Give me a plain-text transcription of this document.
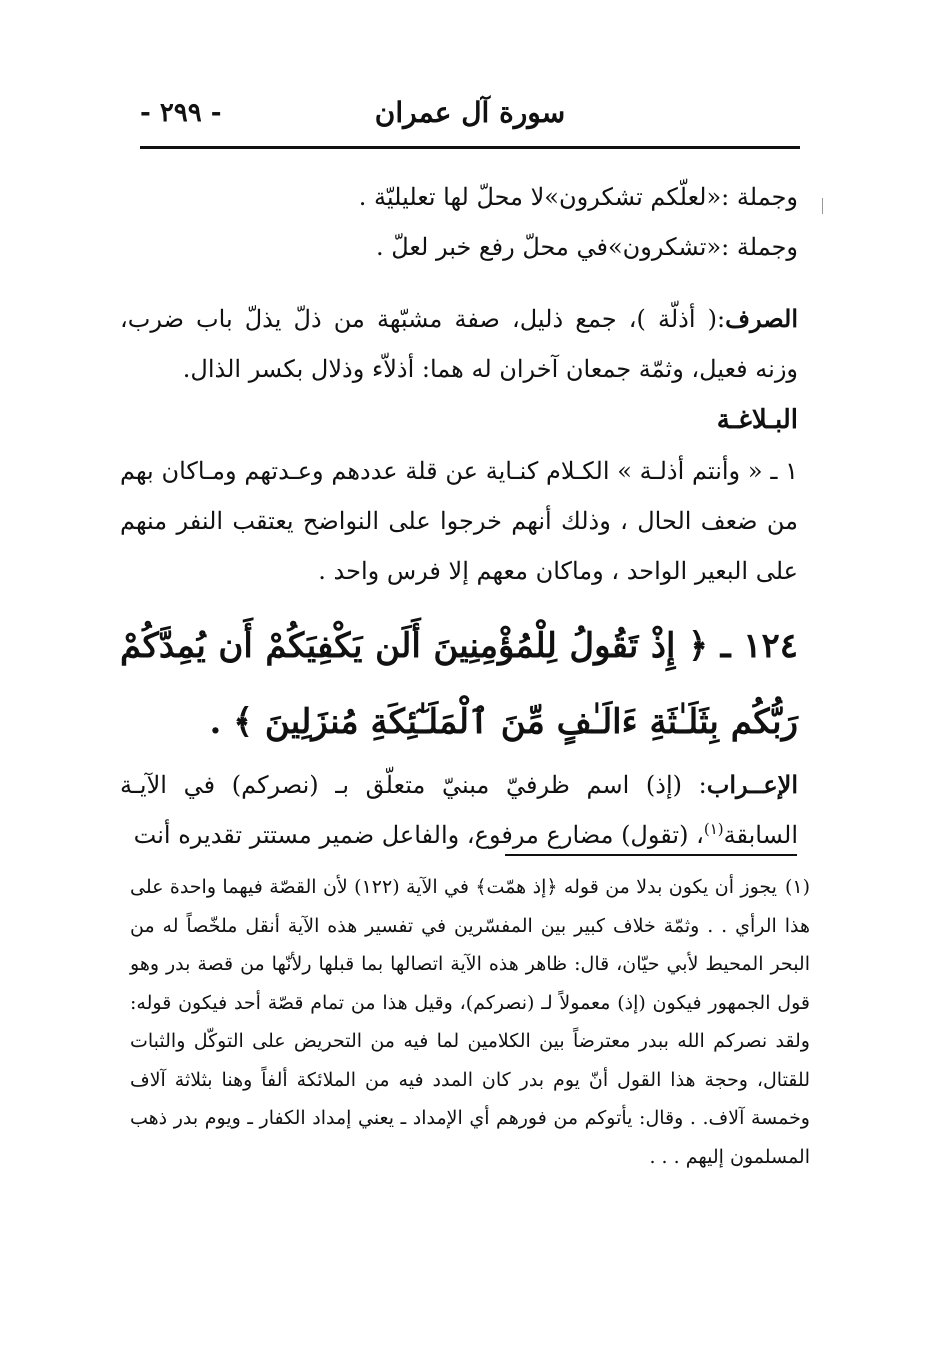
سورة آل عمران
- ٢٩٩ -

وجملة :«لعلّكم تشكرون»لا محلّ لها تعليليّة .

وجملة :«تشكرون»في محلّ رفع خبر لعلّ .

الصرف:( أذلّة )، جمع ذليل، صفة مشبّهة من ذلّ يذلّ باب ضرب، وزنه فعيل، وثمّة جمعان آخران له هما: أذلاّء وذلال بكسر الذال.

البـلاغـة

١ ـ « وأنتم أذلـة » الكـلام كنـاية عن قلة عددهم وعـدتهم ومـاكان بهم من ضعف الحال ، وذلك أنهم خرجوا على النواضح يعتقب النفر منهم على البعير الواحد ، وماكان معهم إلا فرس واحد .

١٢٤ ـ ﴿ إِذْ تَقُولُ لِلْمُؤْمِنِينَ أَلَن يَكْفِيَكُمْ أَن يُمِدَّكُمْ رَبُّكُم بِثَلَـٰثَةِ ءَالَـٰفٍ مِّنَ ٱلْمَلَـٰٓئِكَةِ مُنزَلِينَ ﴾ .

الإعــراب: (إذ) اسم ظرفيّ مبنيّ متعلّق بـ (نصركم) في الآيـة السابقة$^{(١)}$، (تقول) مضارع مرفوع، والفاعل ضمير مستتر تقديره أنت

(١)يجوز أن يكون بدلا من قوله ﴿إذ همّت﴾ في الآية (١٢٢) لأن القصّة فيهما واحدة على هذا الرأي . . وثمّة خلاف كبير بين المفسّرين في تفسير هذه الآية أنقل ملخّصاً له من البحر المحيط لأبي حيّان، قال: ظاهر هذه الآية اتصالها بما قبلها رلأنّها من قصة بدر وهو قول الجمهور فيكون (إذ) معمولاً لـ (نصركم)، وقيل هذا من تمام قصّة أحد فيكون قوله: ولقد نصركم الله ببدر معترضاً بين الكلامين لما فيه من التحريض على التوكّل والثبات للقتال، وحجة هذا القول أنّ يوم بدر كان المدد فيه من الملائكة ألفاً وهنا بثلاثة آلاف وخمسة آلاف. . وقال: يأتوكم من فورهم أي الإمداد ـ يعني إمداد الكفار ـ ويوم بدر ذهب المسلمون إليهم . . .
